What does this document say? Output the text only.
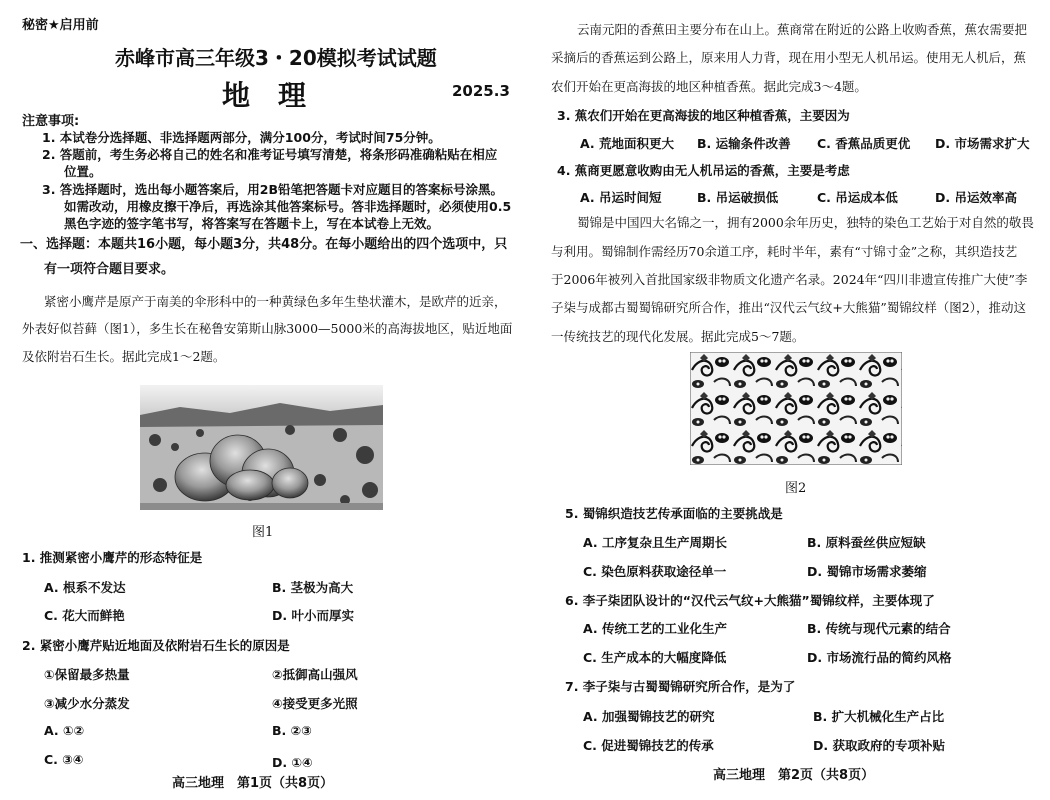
秘密★启用前
赤峰市高三年级3・20模拟考试试题
地　理	2025.3
注意事项:
1. 本试卷分选择题、非选择题两部分，满分100分，考试时间75分钟。
2. 答题前，考生务必将自己的姓名和准考证号填写清楚，将条形码准确粘贴在相应
位置。
3. 答选择题时，选出每小题答案后，用2B铅笔把答题卡对应题目的答案标号涂黑。
如需改动，用橡皮擦干净后，再选涂其他答案标号。答非选择题时，必须使用0.5
黑色字迹的签字笔书写，将答案写在答题卡上，写在本试卷上无效。
一、选择题：本题共16小题，每小题3分，共48分。在每小题给出的四个选项中，只
有一项符合题目要求。
紧密小鹰芹是原产于南美的伞形科中的一种黄绿色多年生垫状灌木，是欧芹的近亲，
外表好似苔藓（图1），多生长在秘鲁安第斯山脉3000—5000米的高海拔地区，贴近地面
及依附岩石生长。据此完成1～2题。
图1
1. 推测紧密小鹰芹的形态特征是
A. 根系不发达	B. 茎极为高大
C. 花大而鲜艳	D. 叶小而厚实
2. 紧密小鹰芹贴近地面及依附岩石生长的原因是
①保留最多热量	②抵御高山强风
③减少水分蒸发	④接受更多光照
A. ①②	B. ②③
C. ③④	D. ①④
高三地理　第1页（共8页）
云南元阳的香蕉田主要分布在山上。蕉商常在附近的公路上收购香蕉，蕉农需要把
采摘后的香蕉运到公路上，原来用人力背，现在用小型无人机吊运。使用无人机后，蕉
农们开始在更高海拔的地区种植香蕉。据此完成3～4题。
3. 蕉农们开始在更高海拔的地区种植香蕉，主要因为
A. 荒地面积更大 B. 运输条件改善 C. 香蕉品质更优 D. 市场需求扩大
4. 蕉商更愿意收购由无人机吊运的香蕉，主要是考虑
A. 吊运时间短	B. 吊运破损低	C. 吊运成本低	D. 吊运效率高
蜀锦是中国四大名锦之一，拥有2000余年历史，独特的染色工艺始于对自然的敬畏
与利用。蜀锦制作需经历70余道工序，耗时半年，素有“寸锦寸金”之称，其织造技艺
于2006年被列入首批国家级非物质文化遗产名录。2024年“四川非遗宣传推广大使”李
子柒与成都古蜀蜀锦研究所合作，推出“汉代云气纹+大熊猫”蜀锦纹样（图2），推动这
一传统技艺的现代化发展。据此完成5～7题。
图2
5. 蜀锦织造技艺传承面临的主要挑战是
A. 工序复杂且生产周期长	B. 原料蚕丝供应短缺
C. 染色原料获取途径单一	D. 蜀锦市场需求萎缩
6. 李子柒团队设计的“汉代云气纹+大熊猫”蜀锦纹样，主要体现了
A. 传统工艺的工业化生产	B. 传统与现代元素的结合
C. 生产成本的大幅度降低	D. 市场流行品的简约风格
7. 李子柒与古蜀蜀锦研究所合作，是为了
A. 加强蜀锦技艺的研究	B. 扩大机械化生产占比
C. 促进蜀锦技艺的传承	D. 获取政府的专项补贴
高三地理　第2页（共8页）
